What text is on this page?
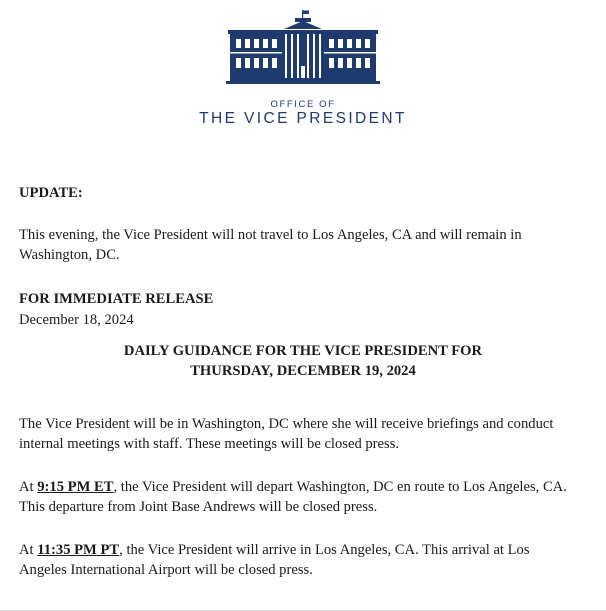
OFFICE OF
THE VICE PRESIDENT
UPDATE:
This evening, the Vice President will not travel to Los Angeles, CA and will remain in Washington, DC.
FOR IMMEDIATE RELEASE
December 18, 2024
DAILY GUIDANCE FOR THE VICE PRESIDENT FOR
THURSDAY, DECEMBER 19, 2024
The Vice President will be in Washington, DC where she will receive briefings and conduct internal meetings with staff. These meetings will be closed press.
At 9:15 PM ET, the Vice President will depart Washington, DC en route to Los Angeles, CA. This departure from Joint Base Andrews will be closed press.
At 11:35 PM PT, the Vice President will arrive in Los Angeles, CA. This arrival at Los Angeles International Airport will be closed press.
